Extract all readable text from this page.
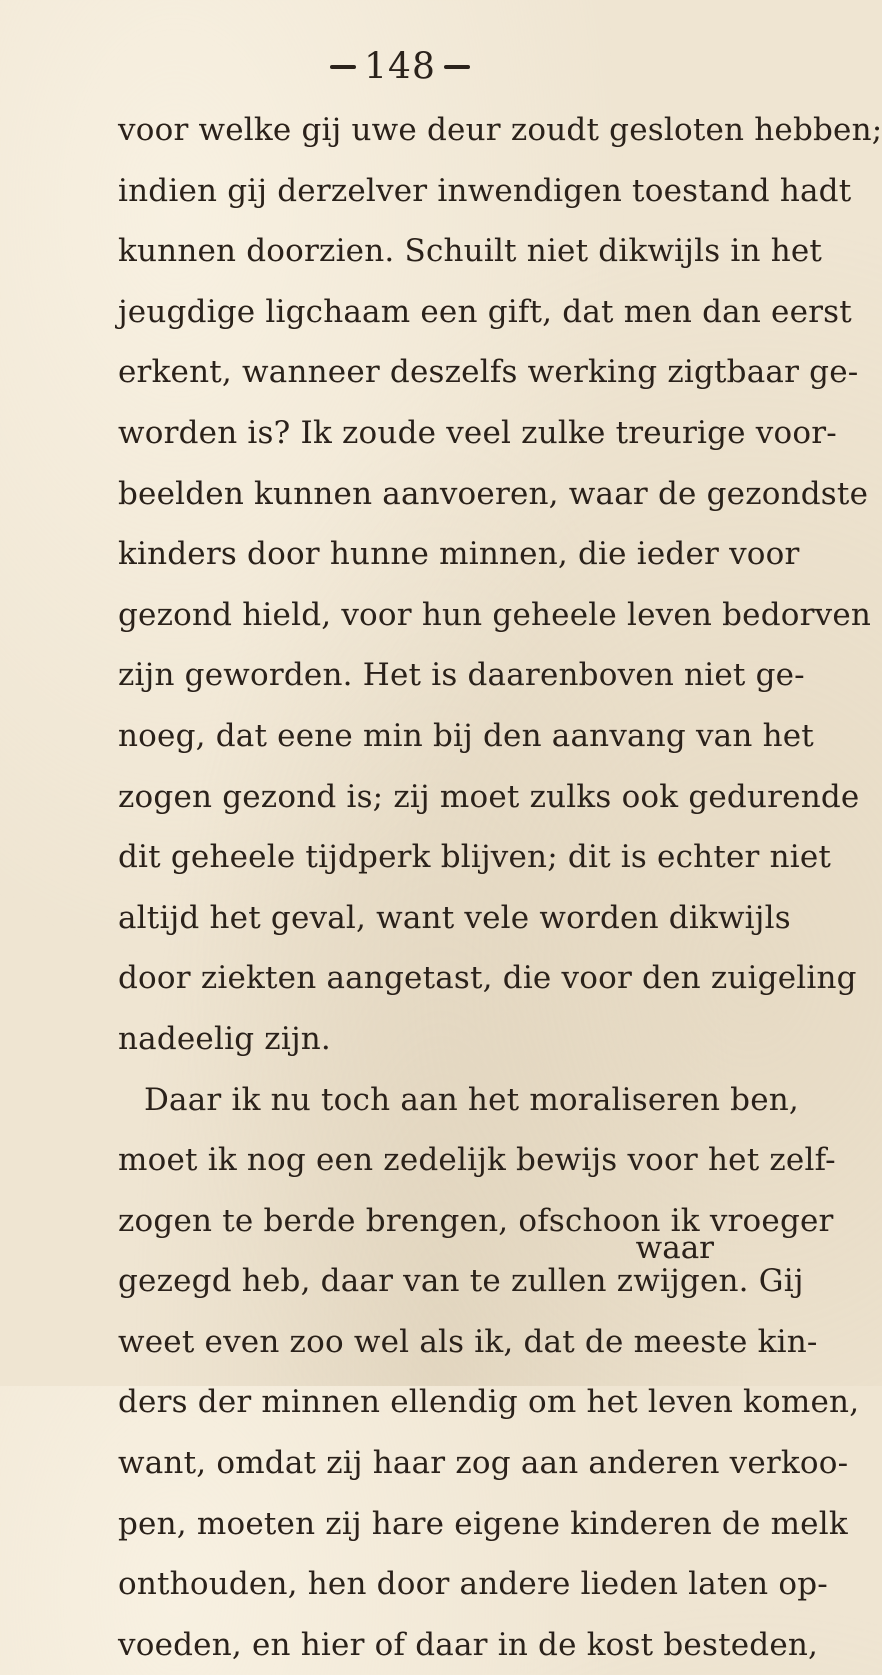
148
voor welke gij uwe deur zoudt gesloten hebben;
indien gij derzelver inwendigen toestand hadt
kunnen doorzien. Schuilt niet dikwijls in het
jeugdige ligchaam een gift, dat men dan eerst
erkent, wanneer deszelfs werking zigtbaar ge-
worden is? Ik zoude veel zulke treurige voor-
beelden kunnen aanvoeren, waar de gezondste
kinders door hunne minnen, die ieder voor
gezond hield, voor hun geheele leven bedorven
zijn geworden. Het is daarenboven niet ge-
noeg, dat eene min bij den aanvang van het
zogen gezond is; zij moet zulks ook gedurende
dit geheele tijdperk blijven; dit is echter niet
altijd het geval, want vele worden dikwijls
door ziekten aangetast, die voor den zuigeling
nadeelig zijn.
Daar ik nu toch aan het moraliseren ben,
moet ik nog een zedelijk bewijs voor het zelf-
zogen te berde brengen, ofschoon ik vroeger
gezegd heb, daar van te zullen zwijgen. Gij
weet even zoo wel als ik, dat de meeste kin-
ders der minnen ellendig om het leven komen,
want, omdat zij haar zog aan anderen verkoo-
pen, moeten zij hare eigene kinderen de melk
onthouden, hen door andere lieden laten op-
voeden, en hier of daar in de kost besteden,
waar
